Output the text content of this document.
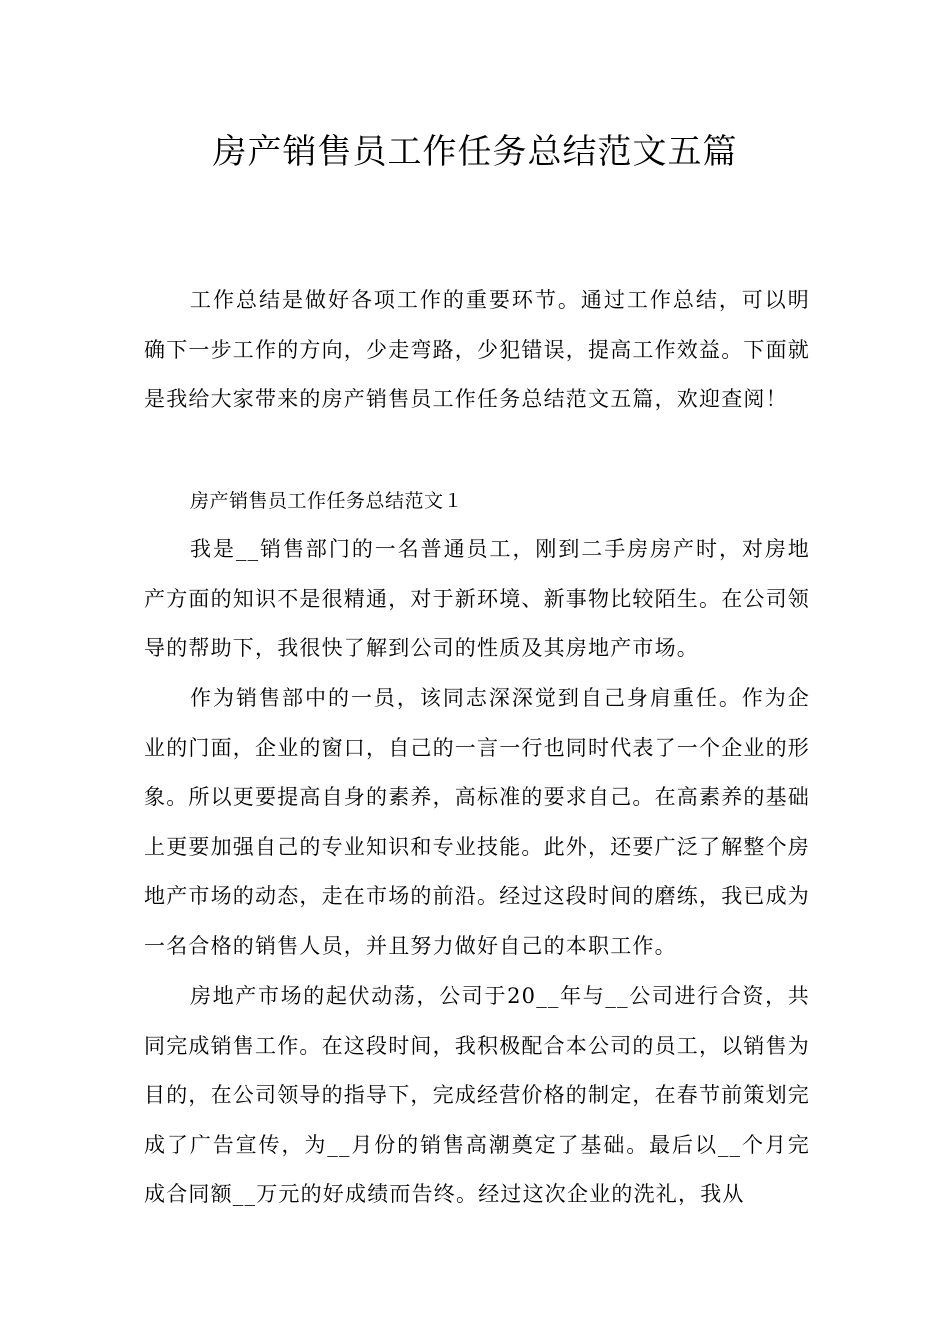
房产销售员工作任务总结范文五篇

工作总结是做好各项工作的重要环节。通过工作总结，可以明确下一步工作的方向，少走弯路，少犯错误，提高工作效益。下面就是我给大家带来的房产销售员工作任务总结范文五篇，欢迎查阅！

房产销售员工作任务总结范文１

我是__销售部门的一名普通员工，刚到二手房房产时，对房地产方面的知识不是很精通，对于新环境、新事物比较陌生。在公司领导的帮助下，我很快了解到公司的性质及其房地产市场。

作为销售部中的一员，该同志深深觉到自己身肩重任。作为企业的门面，企业的窗口，自己的一言一行也同时代表了一个企业的形象。所以更要提高自身的素养，高标准的要求自己。在高素养的基础上更要加强自己的专业知识和专业技能。此外，还要广泛了解整个房地产市场的动态，走在市场的前沿。经过这段时间的磨练，我已成为一名合格的销售人员，并且努力做好自己的本职工作。

房地产市场的起伏动荡，公司于20__年与__公司进行合资，共同完成销售工作。在这段时间，我积极配合本公司的员工，以销售为目的，在公司领导的指导下，完成经营价格的制定，在春节前策划完成了广告宣传，为__月份的销售高潮奠定了基础。最后以__个月完成合同额__万元的好成绩而告终。经过这次企业的洗礼，我从
